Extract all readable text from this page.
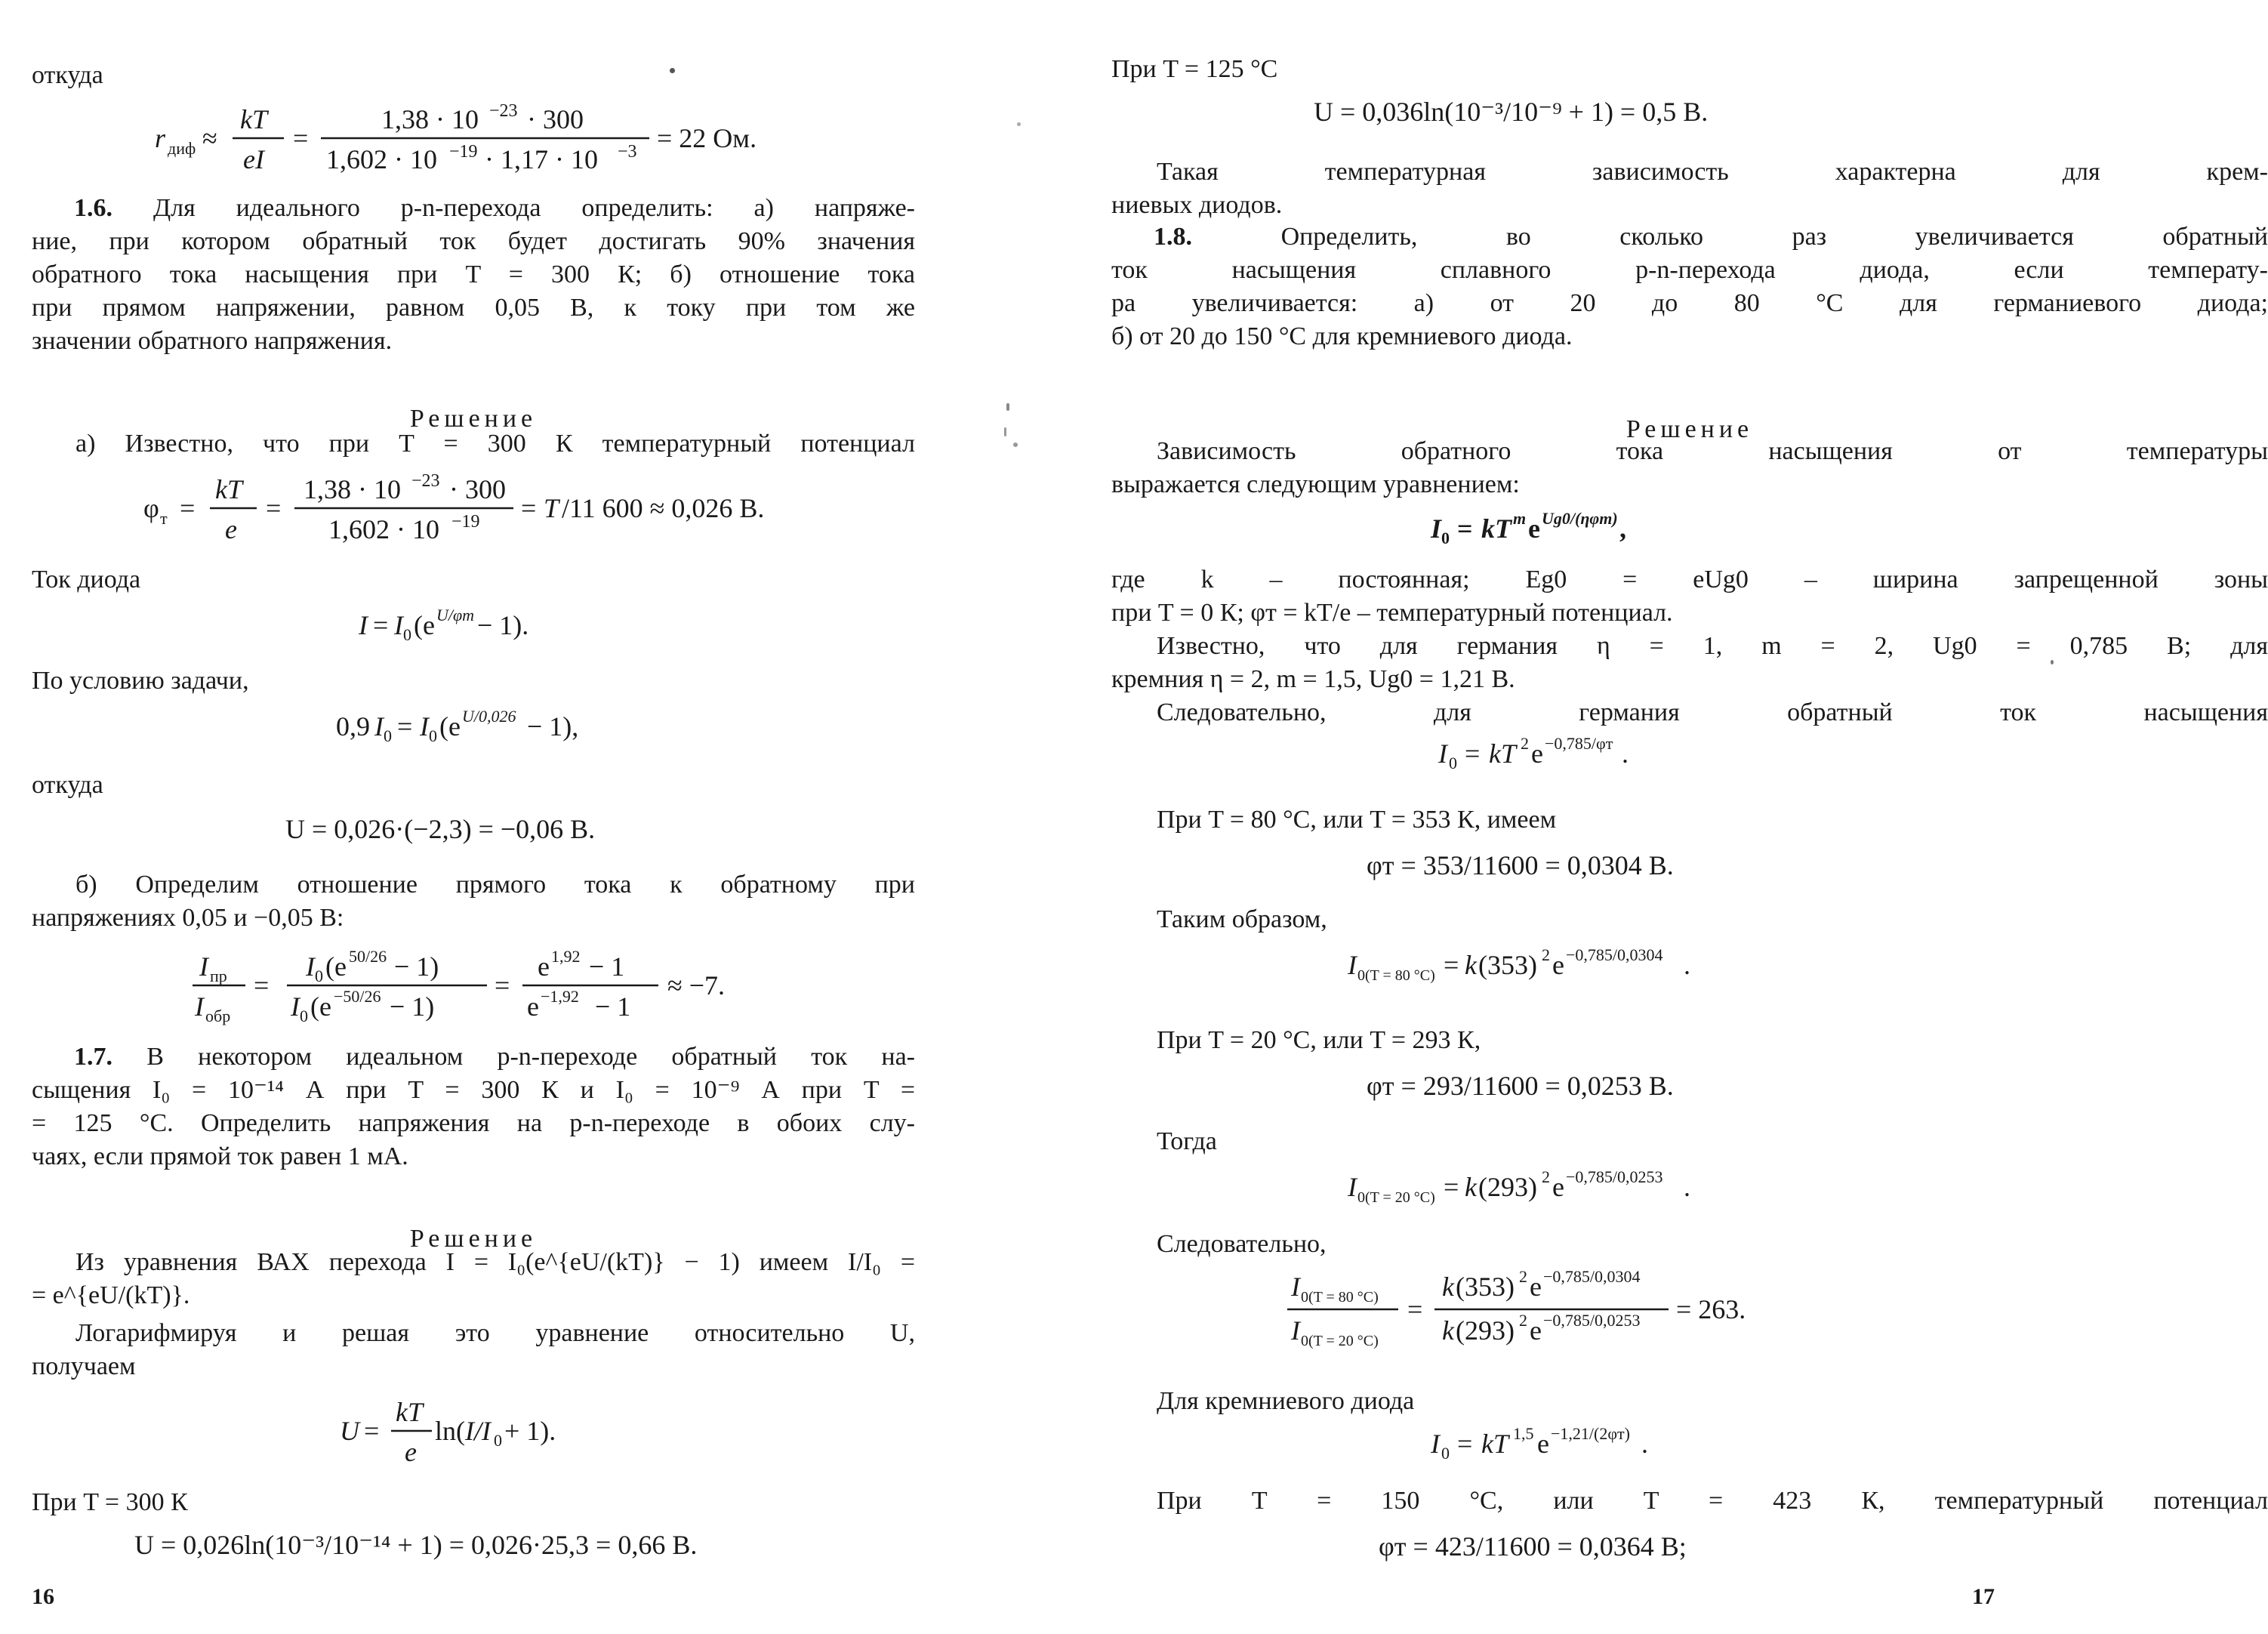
откуда

r диф ≈
kT
eI
=
1,38 · 10 −23 · 300
1,602 · 10 −19 · 1,17 · 10 −3 = 22 Ом.

1.6. Для идеального p-n-перехода определить: а) напряже-

ние, при котором обратный ток будет достигать 90% значения

обратного тока насыщения при T = 300 К; б) отношение тока

при прямом напряжении, равном 0,05 В, к току при том же

значении обратного напряжения.

Решение

а) Известно, что при T = 300 К температурный потенциал

φ т =
kT
e
=
1,38 · 10 −23 · 300
1,602 · 10 −19 = T /11 600 ≈ 0,026 В.

Ток диода

I = I 0 (e U/φт − 1).

По условию задачи,

0,9 I 0 = I 0 (e U/0,026 − 1),

откуда

U = 0,026·(−2,3) = −0,06 В.

б) Определим отношение прямого тока к обратному при

напряжениях 0,05 и −0,05 В:

I пр
I обр
=
I 0 (e 50/26 − 1)
I 0 (e −50/26 − 1)
=
e 1,92 − 1
e −1,92 − 1
≈ −7.

1.7. В некотором идеальном p-n-переходе обратный ток на-

сыщения I₀ = 10⁻¹⁴ А при T = 300 К и I₀ = 10⁻⁹ А при T =

= 125 °С. Определить напряжения на p-n-переходе в обоих слу-

чаях, если прямой ток равен 1 мА.

Решение

Из уравнения ВАХ перехода I = I₀(e^{eU/(kT)} − 1) имеем I/I₀ =

= e^{eU/(kT)}.

Логарифмируя и решая это уравнение относительно U,

получаем

U =
kT
e
ln( I/I 0 + 1).

При T = 300 К

U = 0,026ln(10⁻³/10⁻¹⁴ + 1) = 0,026·25,3 = 0,66 В.

16

При T = 125 °С

U = 0,036ln(10⁻³/10⁻⁹ + 1) = 0,5 В.

Такая температурная зависимость характерна для крем-

ниевых диодов.

1.8.	Определить, во сколько раз увеличивается обратный

ток насыщения сплавного p-n-перехода диода, если температу-

ра увеличивается: а) от 20 до 80 °С для германиевого диода;

б) от 20 до 150 °С для кремниевого диода.

Решение

Зависимость обратного тока насыщения от температуры

выражается следующим уравнением:

I 0 = kT m e Ug0/(ηφт) ,

где k – постоянная; Eg0 = eUg0 – ширина запрещенной зоны

при T = 0 К; φт = kT/e – температурный потенциал.

Известно, что для германия η = 1, m = 2, Ug0 = 0,785 В; для

кремния η = 2, m = 1,5, Ug0 = 1,21 В.

Следовательно, для германия обратный ток насыщения

I 0 = kT 2 e −0,785/φт .

При T = 80 °С, или T = 353 К, имеем

φт = 353/11600 = 0,0304 В.

Таким образом,

I 0(T = 80 °C) = k (353) 2 e −0,785/0,0304 .

При T = 20 °С, или T = 293 К,

φт = 293/11600 = 0,0253 В.

Тогда

I 0(T = 20 °C) = k (293) 2 e −0,785/0,0253 .

Следовательно,

I 0(T = 80 °C)
I 0(T = 20 °C)
=
k (353) 2 e −0,785/0,0304
k (293) 2 e −0,785/0,0253 = 263.

Для кремниевого диода

I 0 = kT 1,5 e −1,21/(2φт) .

При T = 150 °С, или T = 423 К, температурный потенциал

φт = 423/11600 = 0,0364 В;

17
